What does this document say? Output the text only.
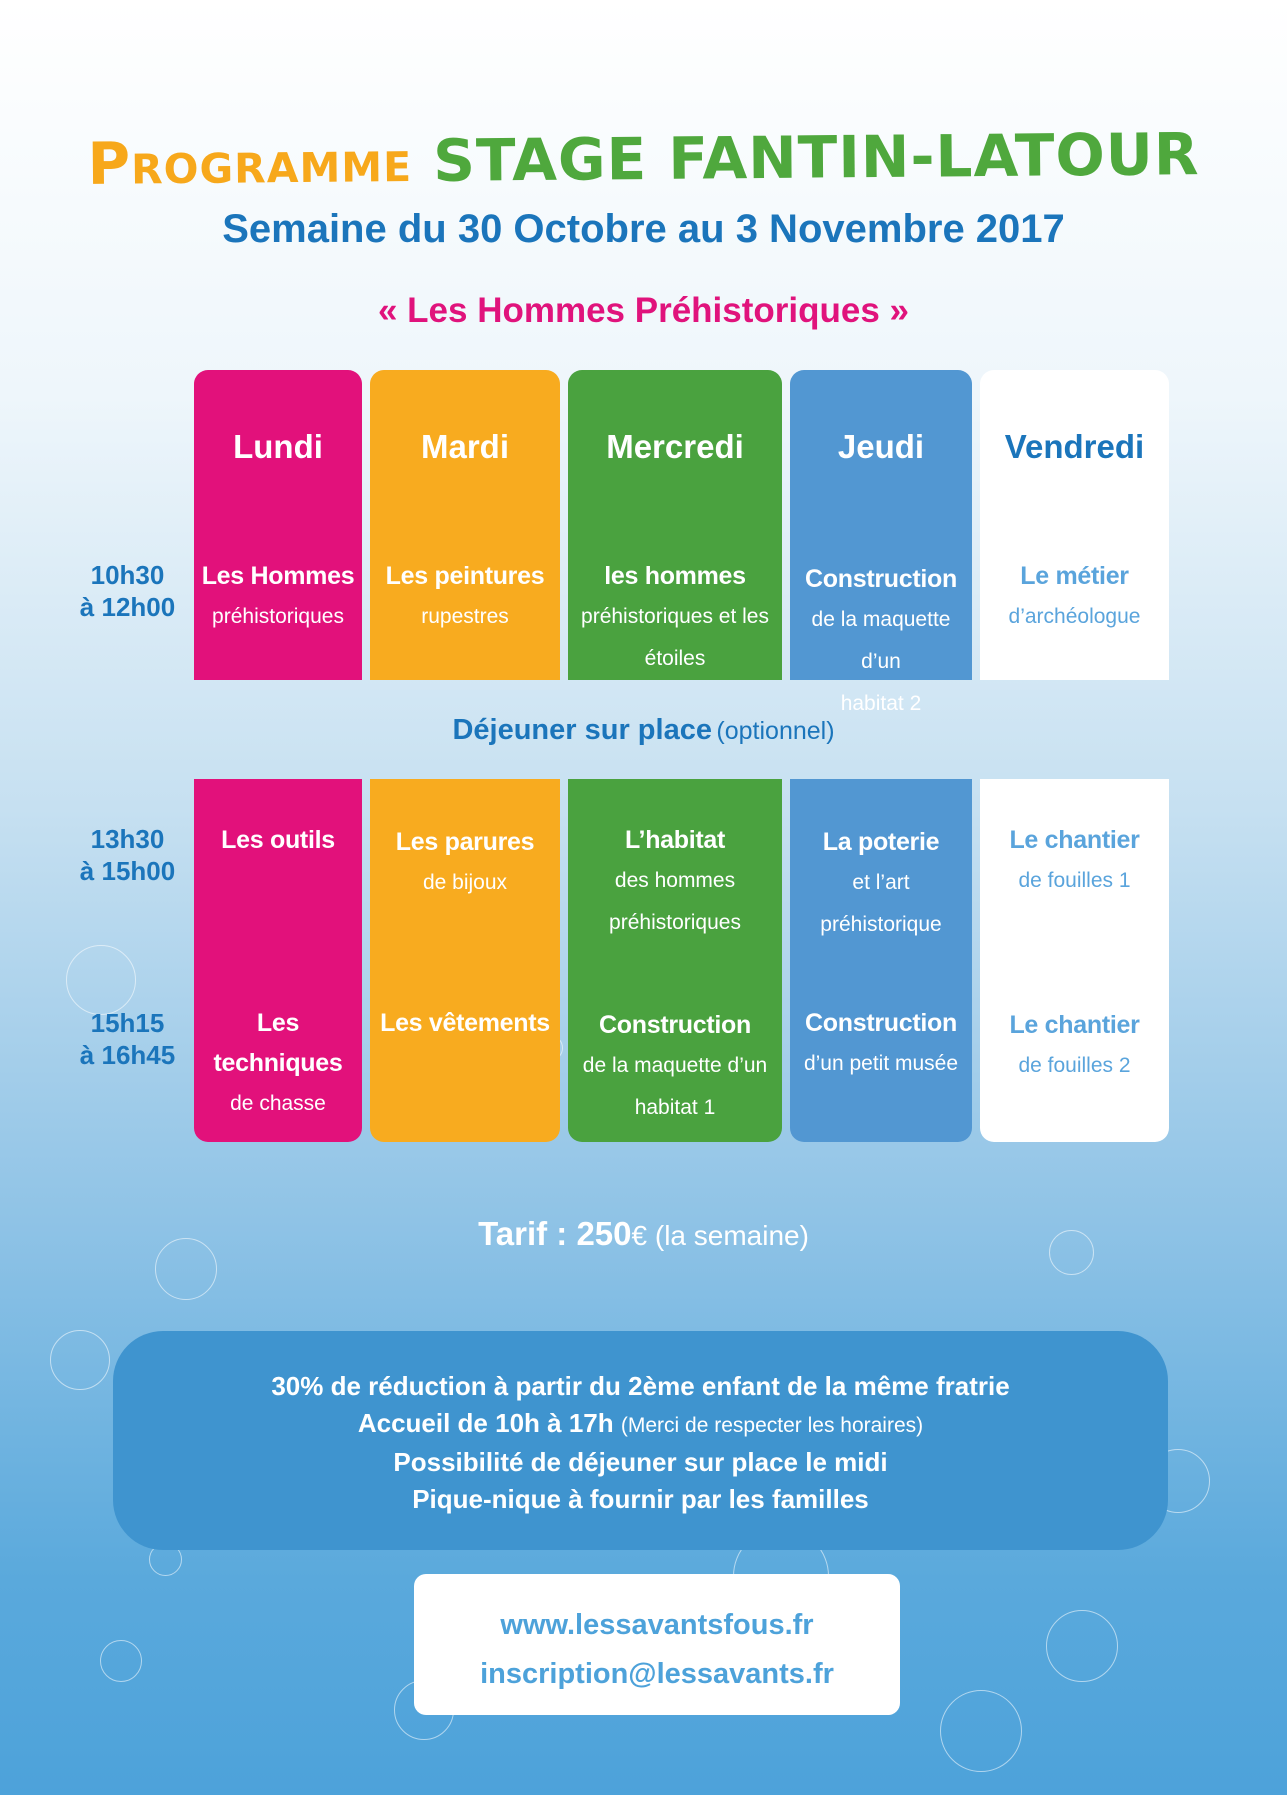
Programme STAGE FANTIN-LATOUR
Semaine du 30 Octobre au 3 Novembre 2017
« Les Hommes Préhistoriques »
10h30
à 12h00
13h30
à 15h00
15h15
à 16h45
Lundi
Les Hommes
préhistoriques
Mardi
Les peintures
rupestres
Mercredi
les hommes
préhistoriques et les
étoiles
Jeudi
Construction
de la maquette d’un
habitat 2
Vendredi
Le métier
d’archéologue
Déjeuner sur place (optionnel)
Les outils
Les techniques
de chasse
Les parures
de bijoux
Les vêtements
L’habitat
des hommes
préhistoriques
Construction
de la maquette d’un
habitat 1
La poterie
et l’art préhistorique
Construction
d’un petit musée
Le chantier
de fouilles 1
Le chantier
de fouilles 2
Tarif : 250€ (la semaine)
30% de réduction à partir du 2ème enfant de la même fratrie
Accueil de 10h à 17h (Merci de respecter les horaires)
Possibilité de déjeuner sur place le midi
Pique-nique à fournir par les familles
www.lessavantsfous.fr
inscription@lessavants.fr
